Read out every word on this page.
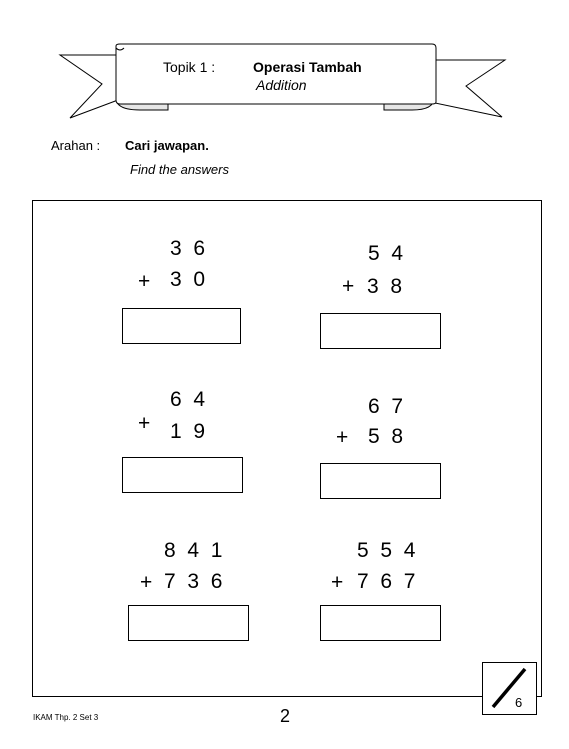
Topik 1 :	Operasi Tambah
Addition
Arahan : Cari jawapan.
Find the answers
3  6
+ 3  0
5  4
+ 3  8
6  4
+ 1  9
6  7
+ 5  8
8  4  1
+ 7  3  6
5  5  4
+ 7  6  7
IKAM Thp. 2 Set 3	2
6
